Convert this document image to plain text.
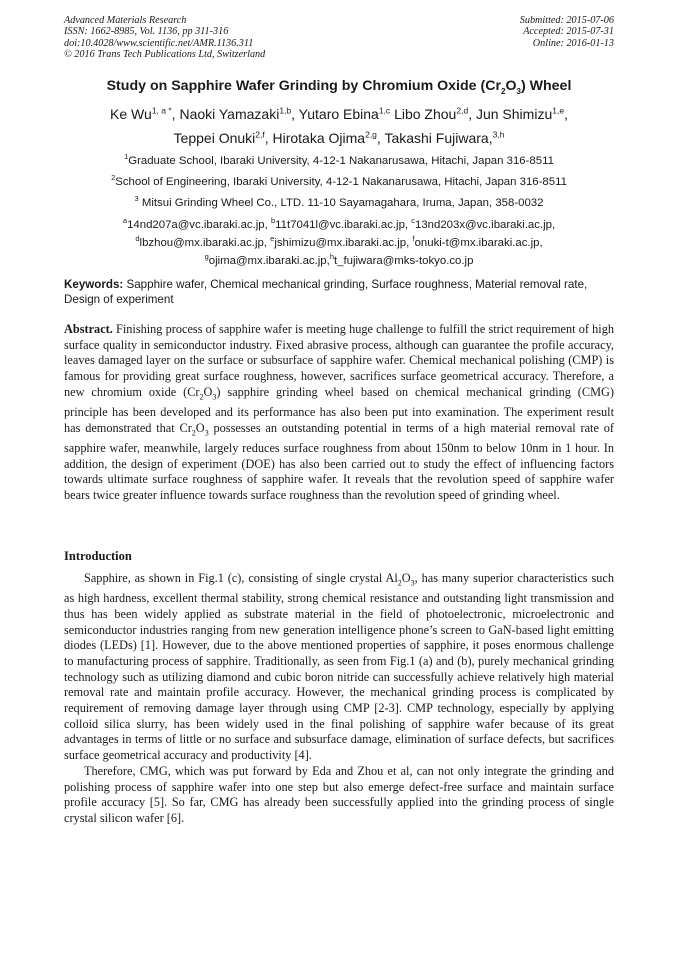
Advanced Materials Research
ISSN: 1662-8985, Vol. 1136, pp 311-316
doi:10.4028/www.scientific.net/AMR.1136.311
© 2016 Trans Tech Publications Ltd, Switzerland
Submitted: 2015-07-06
Accepted: 2015-07-31
Online: 2016-01-13
Study on Sapphire Wafer Grinding by Chromium Oxide $(Cr_2O_3)$ Wheel
Ke $Wu^{1, a *}$, Naoki Yamazaki$^{1,b}$, Yutaro Ebina$^{1,c}$ Libo Zhou$^{2,d}$, Jun Shimizu$^{1,e}$,
Teppei Onuki$^{2,f}$, Hirotaka Ojima$^{2,g}$, Takashi Fujiwara,$^{3,h}$
$^1$Graduate School, Ibaraki University, 4-12-1 Nakanarusawa, Hitachi, Japan 316-8511
$^2$School of Engineering, Ibaraki University, 4-12-1 Nakanarusawa, Hitachi, Japan 316-8511
$^3$ Mitsui Grinding Wheel Co., LTD. 11-10 Sayamagahara, Iruma, Japan, 358-0032
$^a$14nd207a@vc.ibaraki.ac.jp, $^b$11t7041l@vc.ibaraki.ac.jp, $^c$13nd203x@vc.ibaraki.ac.jp,
$^d$lbzhou@mx.ibaraki.ac.jp, $^e$jshimizu@mx.ibaraki.ac.jp, $^f$onuki-t@mx.ibaraki.ac.jp,
$^g$ojima@mx.ibaraki.ac.jp,$^h$t_fujiwara@mks-tokyo.co.jp
Keywords: Sapphire wafer, Chemical mechanical grinding, Surface roughness, Material removal rate, Design of experiment
Abstract. Finishing process of sapphire wafer is meeting huge challenge to fulfill the strict requirement of high surface quality in semiconductor industry. Fixed abrasive process, although can guarantee the profile accuracy, leaves damaged layer on the surface or subsurface of sapphire wafer. Chemical mechanical polishing (CMP) is famous for providing great surface roughness, however, sacrifices surface geometrical accuracy. Therefore, a new chromium oxide $(Cr_2O_3)$ sapphire grinding wheel based on chemical mechanical grinding (CMG) principle has been developed and its performance has also been put into examination. The experiment result has demonstrated that $Cr_2O_3$ possesses an outstanding potential in terms of a high material removal rate of sapphire wafer, meanwhile, largely reduces surface roughness from about 150nm to below 10nm in 1 hour. In addition, the design of experiment (DOE) has also been carried out to study the effect of influencing factors towards ultimate surface roughness of sapphire wafer. It reveals that the revolution speed of sapphire wafer bears twice greater influence towards surface roughness than the revolution speed of grinding wheel.
Introduction

Sapphire, as shown in Fig.1 (c), consisting of single crystal $Al_2O_3$, has many superior characteristics such as high hardness, excellent thermal stability, strong chemical resistance and outstanding light transmission and thus has been widely applied as substrate material in the field of photoelectronic, microelectronic and semiconductor industries ranging from new generation intelligence phone’s screen to GaN-based light emitting diodes (LEDs) [1]. However, due to the above mentioned properties of sapphire, it poses enormous challenge to manufacturing process of sapphire. Traditionally, as seen from Fig.1 (a) and (b), purely mechanical grinding technology such as utilizing diamond and cubic boron nitride can successfully achieve relatively high material removal rate and maintain profile accuracy. However, the mechanical grinding process is complicated by requirement of removing damage layer through using CMP [2-3]. CMP technology, especially by applying colloid silica slurry, has been widely used in the final polishing of sapphire wafer because of its great advantages in terms of little or no surface and subsurface damage, elimination of surface defects, but sacrifices surface geometrical accuracy and productivity [4].

Therefore, CMG, which was put forward by Eda and Zhou et al, can not only integrate the grinding and polishing process of sapphire wafer into one step but also emerge defect-free surface and maintain surface profile accuracy [5]. So far, CMG has already been successfully applied into the grinding process of single crystal silicon wafer [6].
